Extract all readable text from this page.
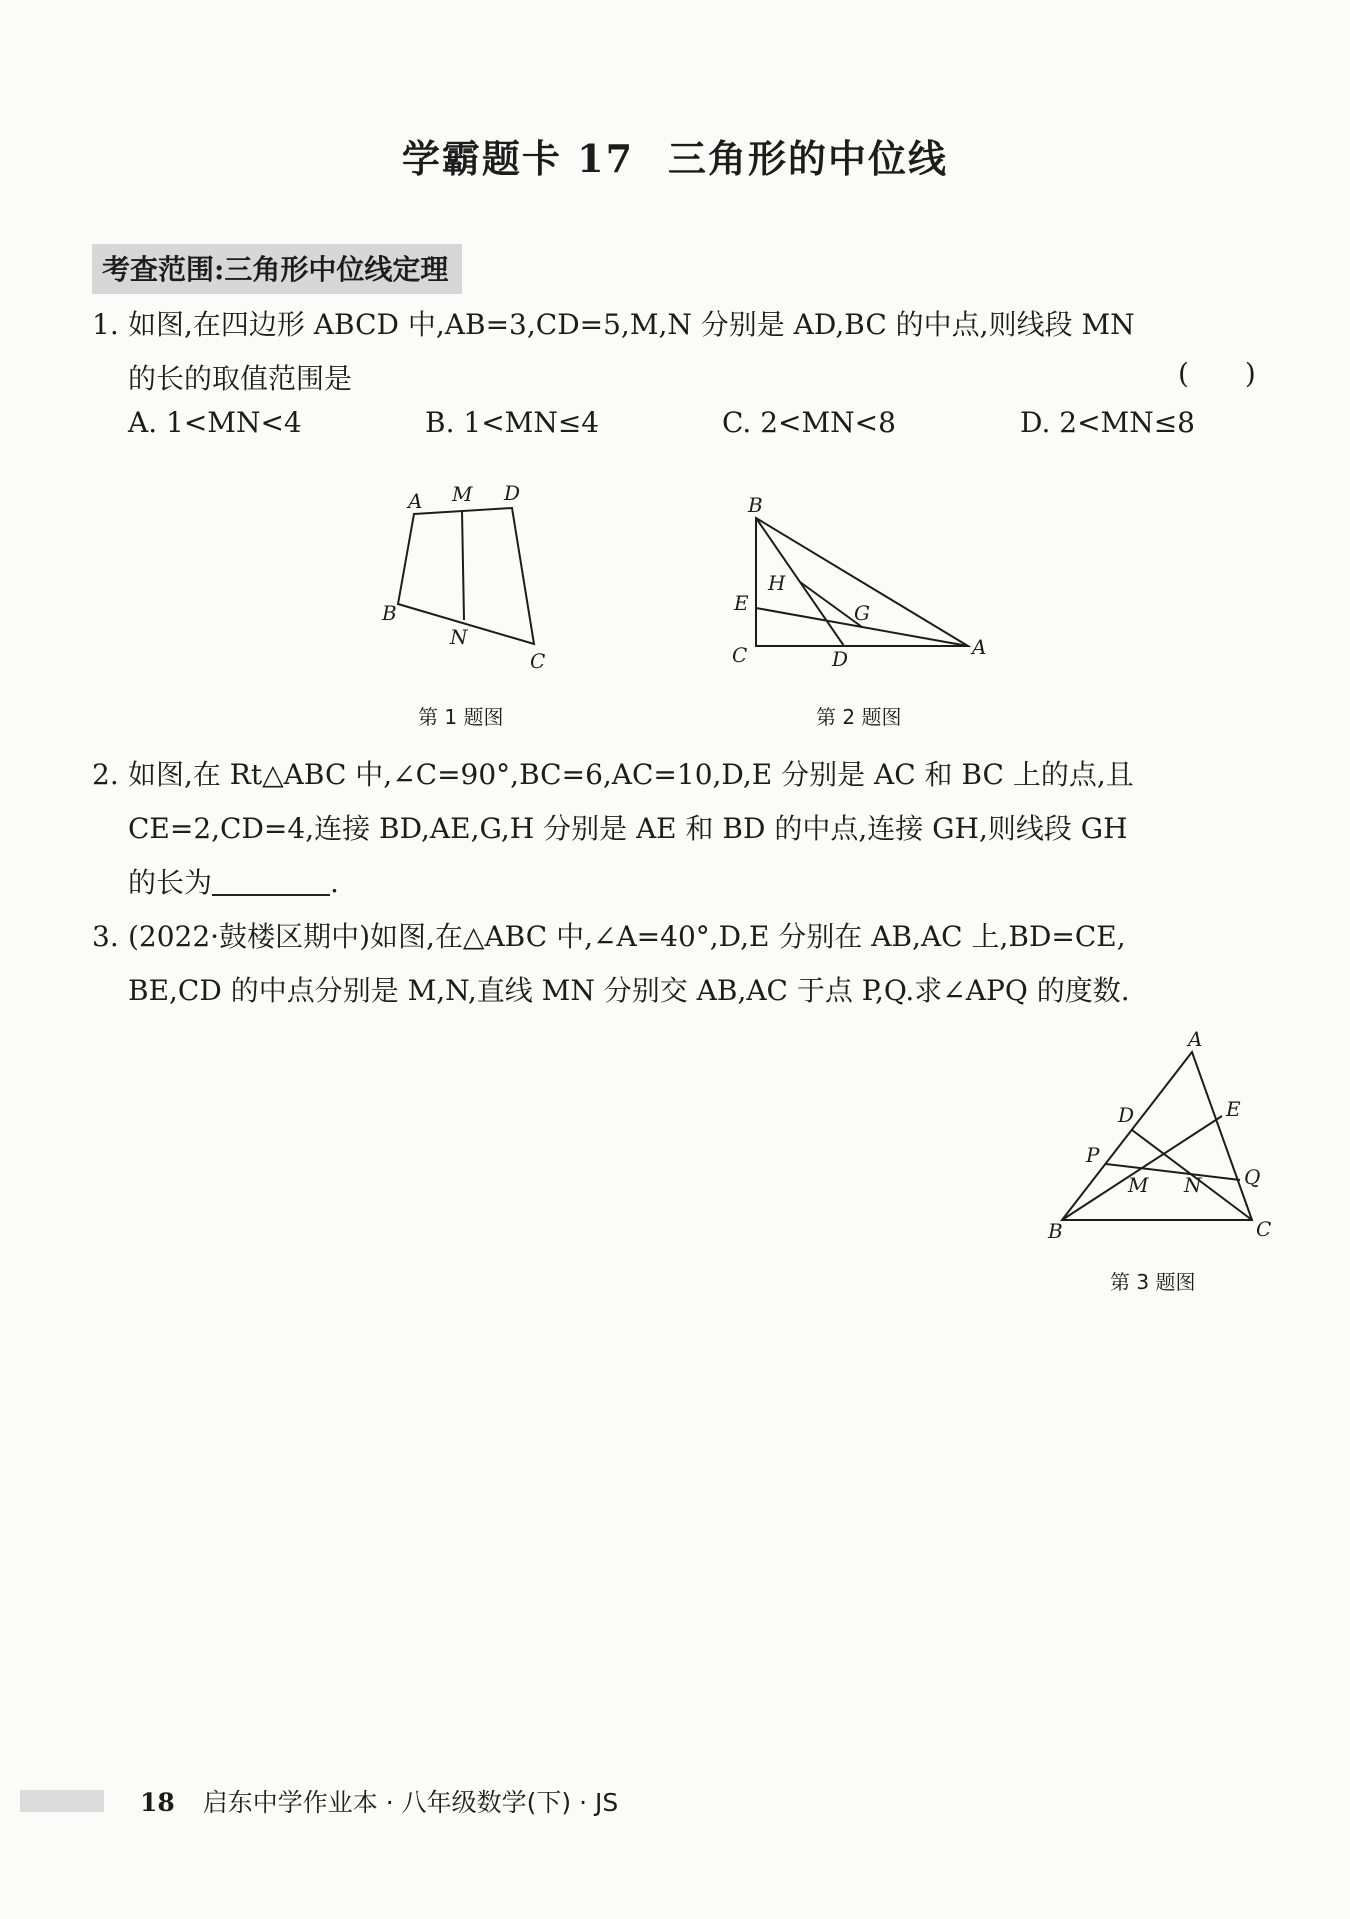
学霸题卡 17 三角形的中位线
考查范围:三角形中位线定理
1. 如图,在四边形 ABCD 中,AB=3,CD=5,M,N 分别是 AD,BC 的中点,则线段 MN
的长的取值范围是	(　　)
A. 1<MN<4	B. 1<MN≤4	C. 2<MN<8	D. 2<MN≤8
A M D
B
N
C
第 1 题图
B
H
E	G
C	D	A
第 2 题图
2. 如图,在 Rt△ABC 中,∠C=90°,BC=6,AC=10,D,E 分别是 AC 和 BC 上的点,且
CE=2,CD=4,连接 BD,AE,G,H 分别是 AE 和 BD 的中点,连接 GH,则线段 GH
的长为	.
3. (2022·鼓楼区期中)如图,在△ABC 中,∠A=40°,D,E 分别在 AB,AC 上,BD=CE,
BE,CD 的中点分别是 M,N,直线 MN 分别交 AB,AC 于点 P,Q.求∠APQ 的度数.
A
D	E
P
M N Q
B	C
第 3 题图
18 启东中学作业本 · 八年级数学(下) · JS
